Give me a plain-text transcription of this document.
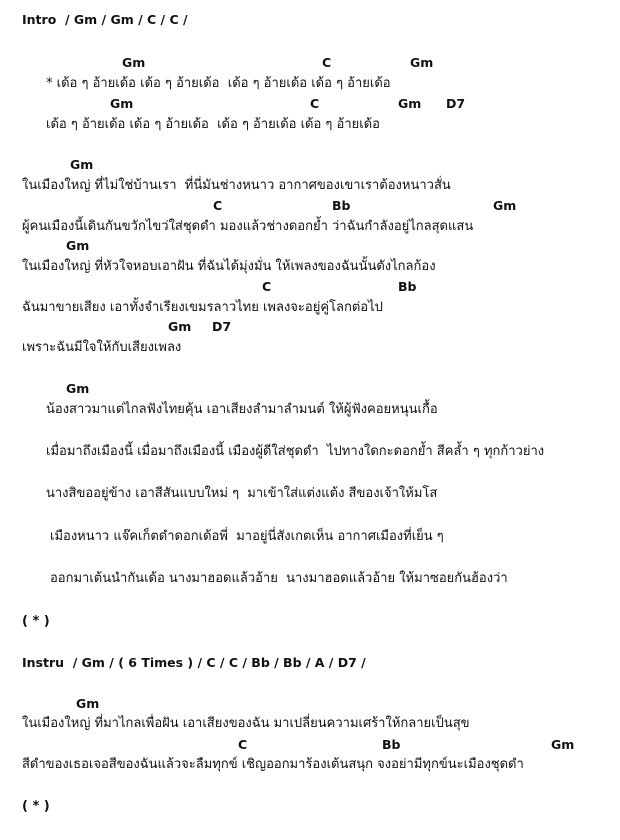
Intro  / Gm / Gm / C / C /
Gm	C	Gm
* เด้อ ๆ อ้ายเด้อ เด้อ ๆ อ้ายเด้อ  เด้อ ๆ อ้ายเด้อ เด้อ ๆ อ้ายเด้อ
Gm	C	Gm D7
เด้อ ๆ อ้ายเด้อ เด้อ ๆ อ้ายเด้อ  เด้อ ๆ อ้ายเด้อ เด้อ ๆ อ้ายเด้อ
Gm
ในเมืองใหญ่ ที่ไม่ใช่บ้านเรา  ที่นี่มันช่างหนาว อากาศของเขาเราต้องหนาวสั่น
C	Bb	Gm
ผู้คนเมืองนี้เดินกันขวักไขว่ใส่ชุดดำ มองแล้วช่างดอกย้ำ ว่าฉันกำลังอยู่ไกลสุดแสน
Gm
ในเมืองใหญ่ ที่หัวใจหอบเอาฝัน ที่ฉันได้มุ่งมั่น ให้เพลงของฉันนั้นดังไกลก้อง
C	Bb
ฉันมาขายเสียง เอาทั้งจำเรียงเขมรลาวไทย เพลงจะอยู่คู่โลกต่อไป
Gm D7
เพราะฉันมีใจให้กับเสียงเพลง
Gm
น้องสาวมาแต่ไกลฟังไทยคุ้น เอาเสียงลำมาลำมนต์ ให้ผู้ฟังคอยหนุนเกื้อ
เมื่อมาถึงเมืองนี้ เมื่อมาถึงเมืองนี้ เมืองผู้ดีใส่ชุดดำ  ไปทางใดกะดอกย้ำ สีคล้ำ ๆ ทุกก้าวย่าง
นางสิขออยู่ข้าง เอาสีสันแบบใหม่ ๆ  มาเข้าใส่แต่งแต้ง สีของเจ้าให้มโส
เมืองหนาว แจ๊คเก็ตดำดอกเด้อพี่  มาอยู่นี่สังเกตเห็น อากาศเมืองที่เย็น ๆ
ออกมาเต้นนำกันเด้อ นางมาฮอดแล้วอ้าย  นางมาฮอดแล้วอ้าย ให้มาซอยกันฮ้องว่า
( * )
Instru  / Gm / ( 6 Times ) / C / C / Bb / Bb / A / D7 /
Gm
ในเมืองใหญ่ ที่มาไกลเพื่อฝัน เอาเสียงของฉัน มาเปลี่ยนความเศร้าให้กลายเป็นสุข
C	Bb	Gm
สีดำของเธอเจอสีของฉันแล้วจะลืมทุกข์ เชิญออกมาร้องเต้นสนุก จงอย่ามีทุกข์นะเมืองชุดดำ
( * )
